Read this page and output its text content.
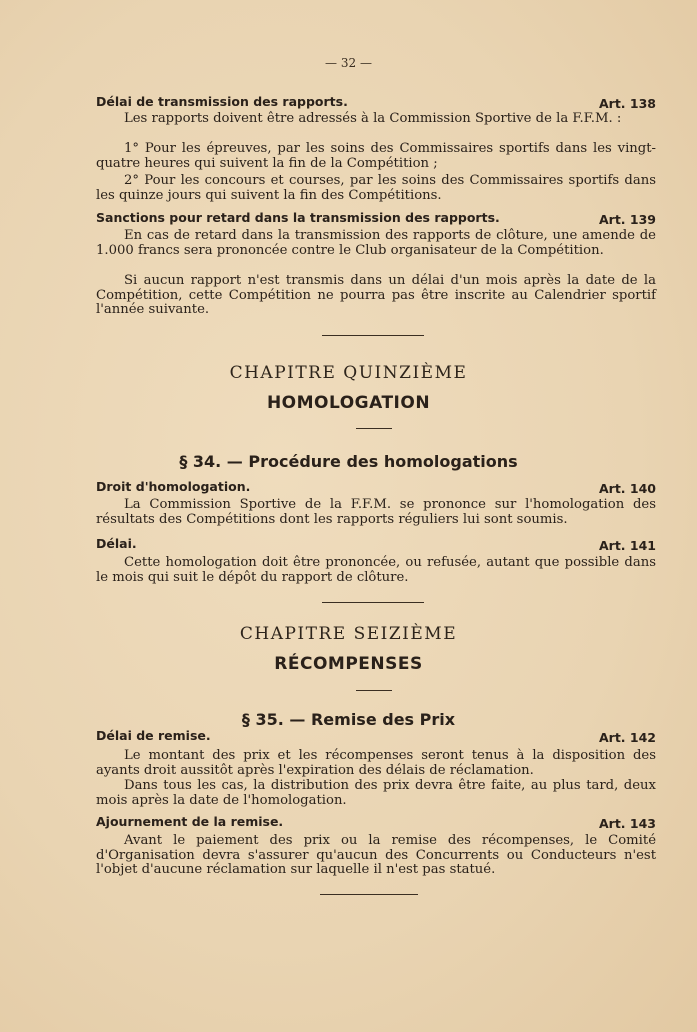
— 32 —
Délai de transmission des rapports.	Art. 138
Les rapports doivent être adressés à la Commission Sportive de la F.F.M. :
1° Pour les épreuves, par les soins des Commissaires sportifs dans les vingt-quatre heures qui suivent la fin de la Compétition ;
2° Pour les concours et courses, par les soins des Commissaires sportifs dans les quinze jours qui suivent la fin des Compétitions.
Sanctions pour retard dans la transmission des rapports.	Art. 139
En cas de retard dans la transmission des rapports de clôture, une amende de 1.000 francs sera prononcée contre le Club organisateur de la Compétition.
Si aucun rapport n'est transmis dans un délai d'un mois après la date de la Compétition, cette Compétition ne pourra pas être inscrite au Calendrier sportif l'année suivante.
CHAPITRE QUINZIÈME
HOMOLOGATION
§ 34. — Procédure des homologations
Droit d'homologation.	Art. 140
La Commission Sportive de la F.F.M. se prononce sur l'homologation des résultats des Compétitions dont les rapports réguliers lui sont soumis.
Délai.	Art. 141
Cette homologation doit être prononcée, ou refusée, autant que possible dans le mois qui suit le dépôt du rapport de clôture.
CHAPITRE SEIZIÈME
RÉCOMPENSES
§ 35. — Remise des Prix
Délai de remise.	Art. 142
Le montant des prix et les récompenses seront tenus à la disposition des ayants droit aussitôt après l'expiration des délais de réclamation.
Dans tous les cas, la distribution des prix devra être faite, au plus tard, deux mois après la date de l'homologation.
Ajournement de la remise.	Art. 143
Avant le paiement des prix ou la remise des récompenses, le Comité d'Organisation devra s'assurer qu'aucun des Concurrents ou Conducteurs n'est l'objet d'aucune réclamation sur laquelle il n'est pas statué.
